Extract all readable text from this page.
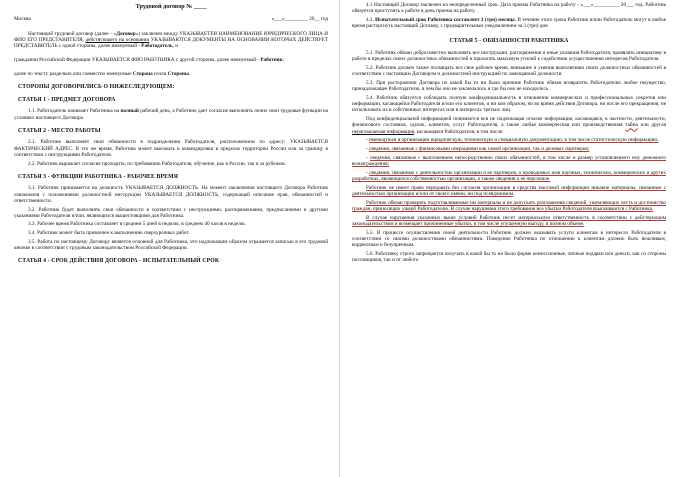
Трудовой договор № ____

Москва	«___»_________ 20__ год

Настоящий трудовой договор (далее – «Договор») заключен между УКАЗЫВАЕТЕЯ НАИМЕНОВАНИЕ ЮРИДИЧЕСКОГО ЛИЦА И ФИО ЕГО ПРЕДСТАВИТЕЛЯ, действующего на основании УКАЗЫВАЮТСЯ ДОКУМЕНТЫ НА ОСНОВАНИИ КОТОРЫХ ДЕЙСТВУЕТ ПРЕДСТАВИТЕЛЬ с одной стороны, далее именуемый - Работодатель, и

гражданин Российской Федерации УКАЗЫВАЕТСЯ ФИО РАБОТНИКА с другой стороны, далее именуемый - Работник;

далее по тексту раздельно или совместно именуемые Сторона и/или Стороны.

СТОРОНЫ ДОГОВОРИЛИСЬ О НИЖЕСЛЕДУЮЩЕМ:

СТАТЬЯ 1 - ПРЕДМЕТ ДОГОВОРА

1.1. Работодатель нанимает Работника на полный рабочий день, а Работник дает согласие выполнять лично свои трудовые функции на условиях настоящего Договора.

СТАТЬЯ 2 - МЕСТО РАБОТЫ

2.1. Работник выполняет свои обязанности в подразделении Работодателя, расположенном по адресу: УКАЗЫВАЕТСЯ ФАКТИЧЕСКИЙ АДРЕС. В это же время, Работник может выезжать в командировки в пределах территории России или за границу в соответствии с инструкциями Работодателя.

2.2. Работник выражает согласие проходить, по требованию Работодателя, обучение, как в России, так и за рубежом.

СТАТЬЯ 3 - ФУНКЦИИ РАБОТНИКА - РАБОЧЕЕ ВРЕМЯ

3.1. Работник принимается на должность УКАЗЫВАЕТСЯ ДОЛЖНОСТЬ. На момент заключения настоящего Договора Работник ознакомлен с положениями должностной инструкции УКАЗЫВАЕТСЯ ДОЛЖНОСТЬ, содержащей описание прав, обязанностей и ответственности.

3.2. Работник будет выполнять свои обязанности в соответствии с инструкциями, распоряжениями, предписаниями и другими указаниями Работодателя и/или, являющихся вышестоящими для Работника.

3.3. Рабочее время Работника составляет в среднем 5 дней в неделю, в среднем 40 часов в неделю.

3.4. Работник может быть привлечен к выполнению сверхурочных работ.

3.5. Работа по настоящему Договору является основной для Работника, что надлежащим образом отражается записью в его трудовой книжке в соответствии с трудовым законодательством Российской Федерации.

СТАТЬЯ 4 - СРОК ДЕЙСТВИЯ ДОГОВОРА - ИСПЫТАТЕЛЬНЫЙ СРОК

4.1 Настоящий Договор заключен на неопределенный срок. Дата приема Работника на работу - «___»__________ 20___ год. Работник обязуется приступить к работе в день приема на работу.

4.2. Испытательный срок Работника составляет 3 (три) месяца. В течение этого срока Работник и/или Работодатель могут в любое время расторгнуть настоящий Договор, с предварительным уведомлением за 3 (три) дня

СТАТЬЯ 5 - ОБЯЗАННОСТИ РАБОТНИКА

5.1. Работник обязан добросовестно выполнять все инструкции, распоряжения и иные указания Работодателя, проявлять инициативу в работе в пределах своих должностных обязанностей и прилагать максимум усилий к содействию осуществлению интересов Работодателя.

5.2. Работник должен также посвящать все свое рабочее время, внимание и умения выполнению своих должностных обязанностей в соответствии с настоящим Договором и должностной инструкцией по замещаемой должности.

5.3. При расторжении Договора по какой бы то ни было причине Работник обязан возвратить Работодателю любое имущество, принадлежащее Работодателю, в чем бы оно не заключалось и где бы оно не находилось.

5.4. Работник обязуется соблюдать полную конфиденциальность в отношении коммерческих и профессиональных секретов или информации, касающейся Работодателя и/или его клиентов, и ни ком образом, ни во время действия Договора, ни после его прекращения, не использовать их в собственных интересах или в интересах третьих лиц.

Под конфиденциальной информацией понимается вся не подлежащая огласке информация, касающаяся, в частности, деятельности, финансового состояния, сделок, клиентов, услуг Работодателя, а также любая коммерческая или производственная тайна или другая нераглашаемая информация, касающаяся Работодателя, в том числе:

- имеющуюся в организации юридическую, техническую и специальную документацию, в том числе статистическую информацию;

- сведения, связанные с финансовыми операциями как самой организации, так и деловых партнеров;

- сведения, связанные с выполнением непосредственно своих обязанностей, в том числе и размер установленного ему денежного вознаграждения;

- сведения, связанные с деятельностью организации и ее партнеров, о проводимых ими научных, технических, коммерческих и других разработках, являющихся собственностью организации, а также сведения о ее персонале.

Работник не имеет права передавать без согласия организации в средства массовой информации никакие материалы, связанные с деятельностью организации и/или от своего имени, ни под псевдонимом.

Работник обязан проверять подготавливаемые им материалы и не допускать разглашения сведений, ущемляющих честь и достоинство граждан, приносящих ущерб Работодателю. В случае нарушения этого требования все убытки Работодателя взыскиваются с Работника.

В случае нарушения указанных выше условий Работник несет материальную ответственность в соответствии с действующим законодательством и возмещает причиненные убытки, в том числе упущенную выгоду, в полном объеме.

5.5. В процессе осуществления своей деятельности Работник должен оказывать услуги клиентам в интересах Работодателя в соответствии со своими должностными обязанностями. Поведение Работника по отношению к клиентам должно быть вежливым, корректным и безупречным.

5.6. Работнику строго запрещается получать в какой бы то ни было форме комиссионные, личные подарки или деньги, как со стороны поставщиков, так и от любого
